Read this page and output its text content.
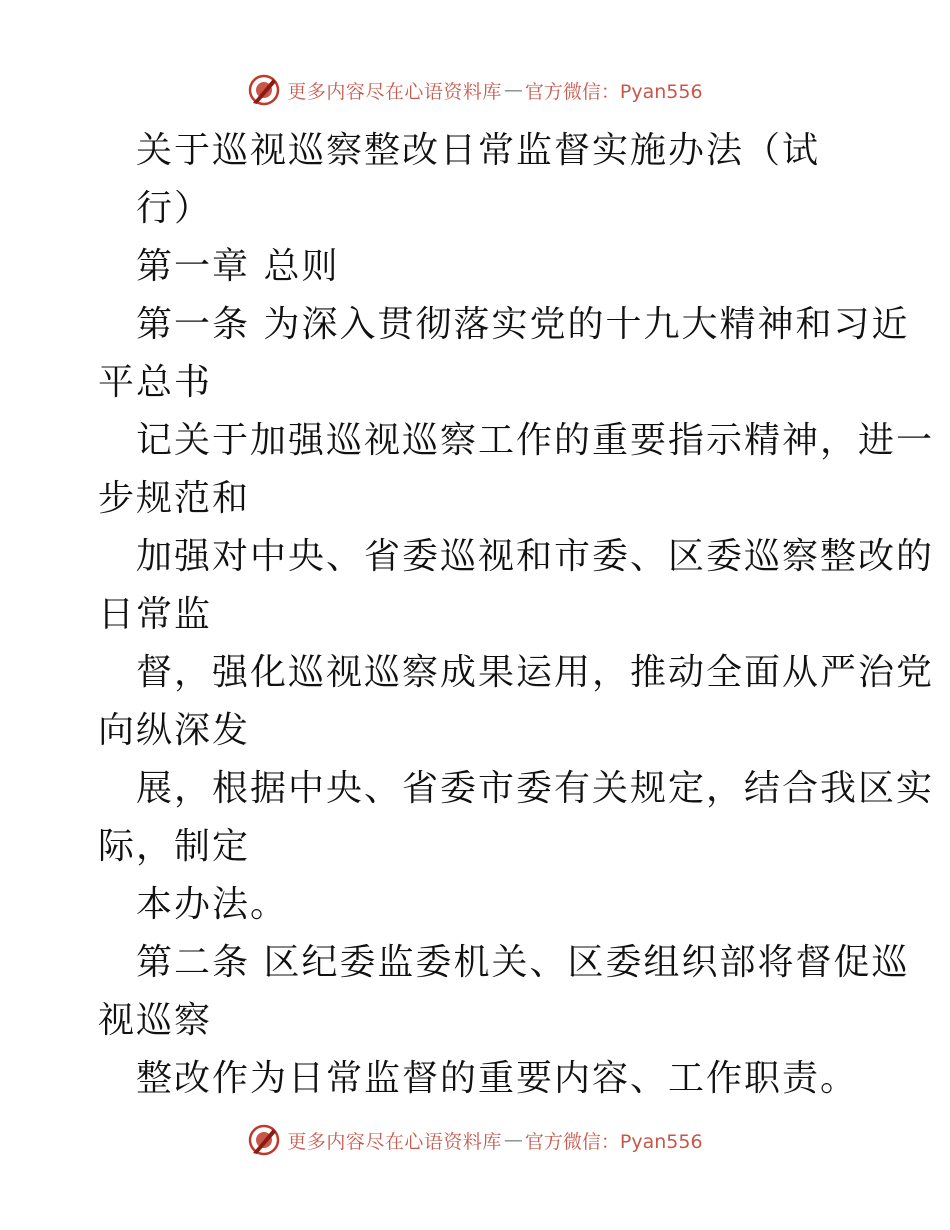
更多内容尽在心语资料库 — 官方微信：Pyan556
关于巡视巡察整改日常监督实施办法（试
行）
第一章 总则
第一条 为深入贯彻落实党的十九大精神和习近
平总书
记关于加强巡视巡察工作的重要指示精神，进一
步规范和
加强对中央、省委巡视和市委、区委巡察整改的
日常监
督，强化巡视巡察成果运用，推动全面从严治党
向纵深发
展，根据中央、省委市委有关规定，结合我区实
际，制定
本办法。
第二条 区纪委监委机关、区委组织部将督促巡
视巡察
整改作为日常监督的重要内容、工作职责。
更多内容尽在心语资料库 — 官方微信：Pyan556
